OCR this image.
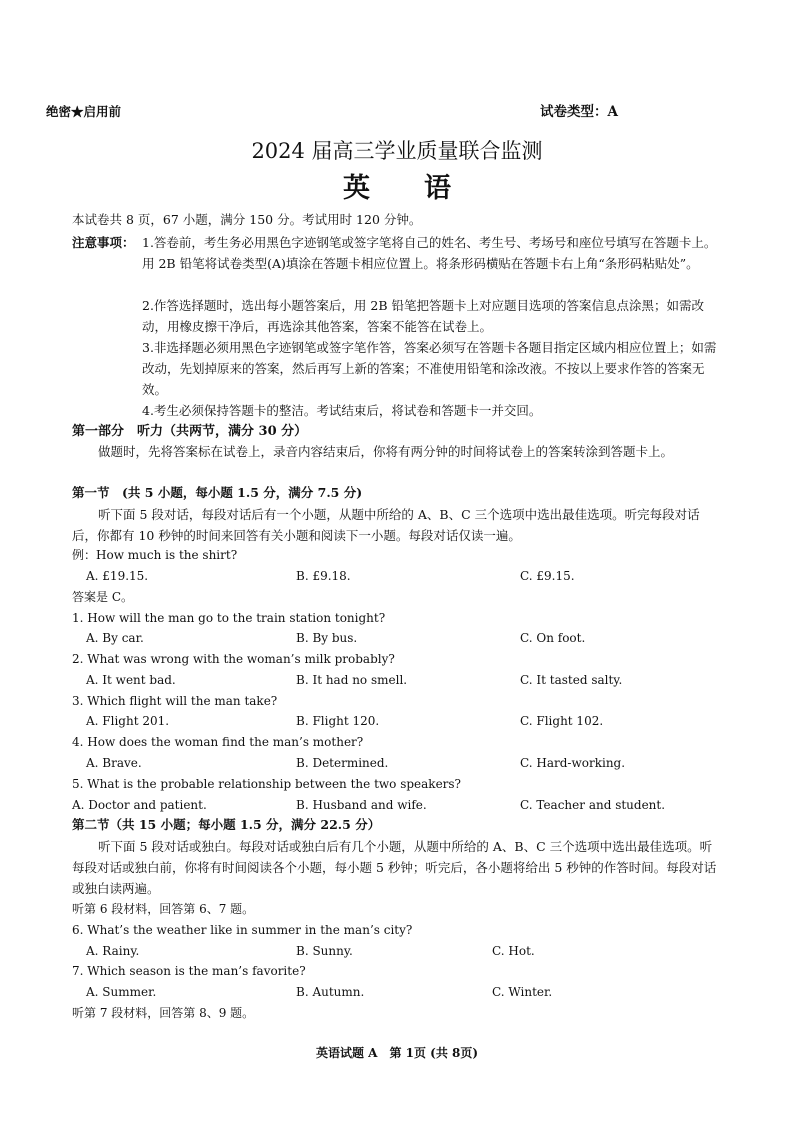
绝密★启用前	试卷类型：A
2024 届高三学业质量联合监测
英　　语
本试卷共 8 页，67 小题，满分 150 分。考试用时 120 分钟。
注意事项： 1.答卷前，考生务必用黑色字迹钢笔或签字笔将自己的姓名、考生号、考场号和座位号填写在答题卡上。用 2B 铅笔将试卷类型(A)填涂在答题卡相应位置上。将条形码横贴在答题卡右上角“条形码粘贴处”。
2.作答选择题时，选出每小题答案后，用 2B 铅笔把答题卡上对应题目选项的答案信息点涂黑；如需改动，用橡皮擦干净后，再选涂其他答案，答案不能答在试卷上。
3.非选择题必须用黑色字迹钢笔或签字笔作答，答案必须写在答题卡各题目指定区域内相应位置上；如需改动，先划掉原来的答案，然后再写上新的答案；不准使用铅笔和涂改液。不按以上要求作答的答案无效。
4.考生必须保持答题卡的整洁。考试结束后，将试卷和答题卡一并交回。
第一部分　听力（共两节，满分 30 分）
做题时，先将答案标在试卷上，录音内容结束后，你将有两分钟的时间将试卷上的答案转涂到答题卡上。
第一节　(共 5 小题，每小题 1.5 分，满分 7.5 分)
听下面 5 段对话，每段对话后有一个小题，从题中所给的 A、B、C 三个选项中选出最佳选项。听完每段对话后，你都有 10 秒钟的时间来回答有关小题和阅读下一小题。每段对话仅读一遍。
例：How much is the shirt?
A. £19.15.	B. £9.18.	C. £9.15.
答案是 C。
1. How will the man go to the train station tonight?
A. By car.	B. By bus.	C. On foot.
2. What was wrong with the woman’s milk probably?
A. It went bad.	B. It had no smell.	C. It tasted salty.
3. Which flight will the man take?
A. Flight 201.	B. Flight 120.	C. Flight 102.
4. How does the woman find the man’s mother?
A. Brave.	B. Determined.	C. Hard-working.
5. What is the probable relationship between the two speakers?
A. Doctor and patient.	B. Husband and wife.	C. Teacher and student.
第二节（共 15 小题；每小题 1.5 分，满分 22.5 分）
听下面 5 段对话或独白。每段对话或独白后有几个小题，从题中所给的 A、B、C 三个选项中选出最佳选项。听每段对话或独白前，你将有时间阅读各个小题，每小题 5 秒钟；听完后，各小题将给出 5 秒钟的作答时间。每段对话或独白读两遍。
听第 6 段材料，回答第 6、7 题。
6. What’s the weather like in summer in the man’s city?
A. Rainy.	B. Sunny.	C. Hot.
7. Which season is the man’s favorite?
A. Summer.	B. Autumn.	C. Winter.
听第 7 段材料，回答第 8、9 题。
英语试题 A　第 1页 (共 8页)
